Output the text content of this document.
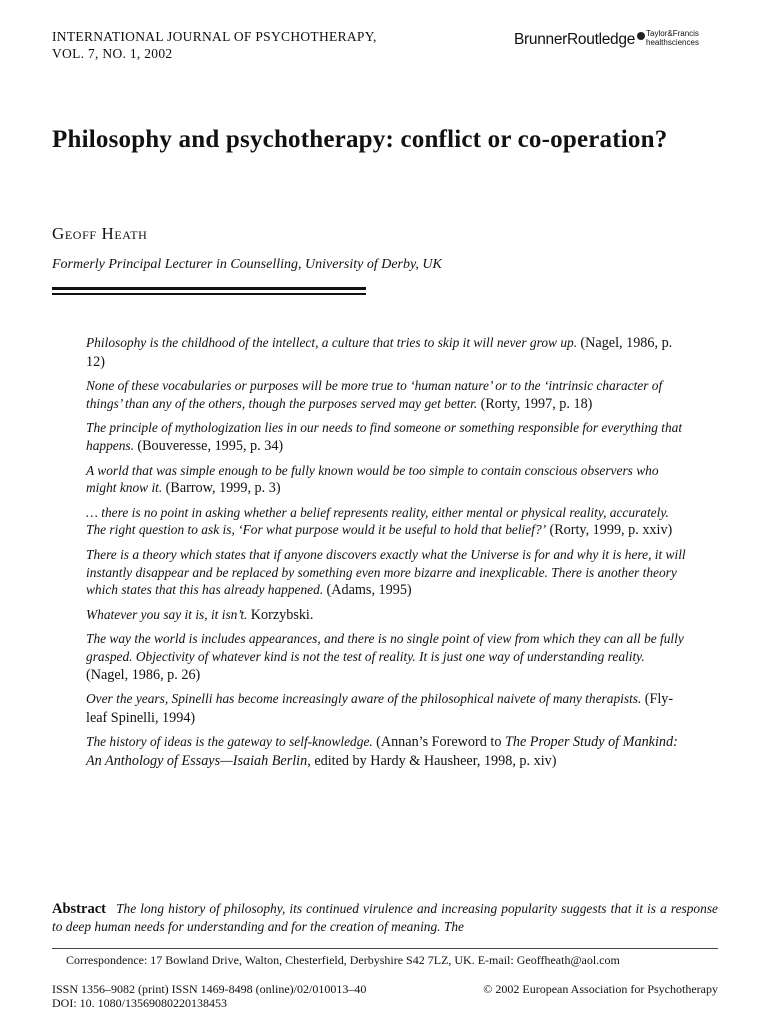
INTERNATIONAL JOURNAL OF PSYCHOTHERAPY,
VOL. 7, NO. 1, 2002
BrunnerRoutledge Taylor&Francis
healthsciences
Philosophy and psychotherapy: conflict or co-operation?
Geoff Heath
Formerly Principal Lecturer in Counselling, University of Derby, UK

Philosophy is the childhood of the intellect, a culture that tries to skip it will never grow up. (Nagel, 1986, p. 12)

None of these vocabularies or purposes will be more true to ‘human nature’ or to the ‘intrinsic character of things’ than any of the others, though the purposes served may get better. (Rorty, 1997, p. 18)

The principle of mythologization lies in our needs to find someone or something responsible for everything that happens. (Bouveresse, 1995, p. 34)

A world that was simple enough to be fully known would be too simple to contain conscious observers who might know it. (Barrow, 1999, p. 3)

… there is no point in asking whether a belief represents reality, either mental or physical reality, accurately. The right question to ask is, ‘For what purpose would it be useful to hold that belief?’ (Rorty, 1999, p. xxiv)

There is a theory which states that if anyone discovers exactly what the Universe is for and why it is here, it will instantly disappear and be replaced by something even more bizarre and inexplicable. There is another theory which states that this has already happened. (Adams, 1995)

Whatever you say it is, it isn’t. Korzybski.

The way the world is includes appearances, and there is no single point of view from which they can all be fully grasped. Objectivity of whatever kind is not the test of reality. It is just one way of understanding reality. (Nagel, 1986, p. 26)

Over the years, Spinelli has become increasingly aware of the philosophical naivete of many therapists. (Fly-leaf Spinelli, 1994)

The history of ideas is the gateway to self-knowledge. (Annan’s Foreword to The Proper Study of Mankind: An Anthology of Essays—Isaiah Berlin, edited by Hardy & Hausheer, 1998, p. xiv)

Abstract The long history of philosophy, its continued virulence and increasing popularity suggests that it is a response to deep human needs for understanding and for the creation of meaning. The
Correspondence: 17 Bowland Drive, Walton, Chesterfield, Derbyshire S42 7LZ, UK. E-mail: Geoffheath@aol.com
ISSN 1356–9082 (print) ISSN 1469-8498 (online)/02/010013–40	© 2002 European Association for Psychotherapy
DOI: 10. 1080/13569080220138453
